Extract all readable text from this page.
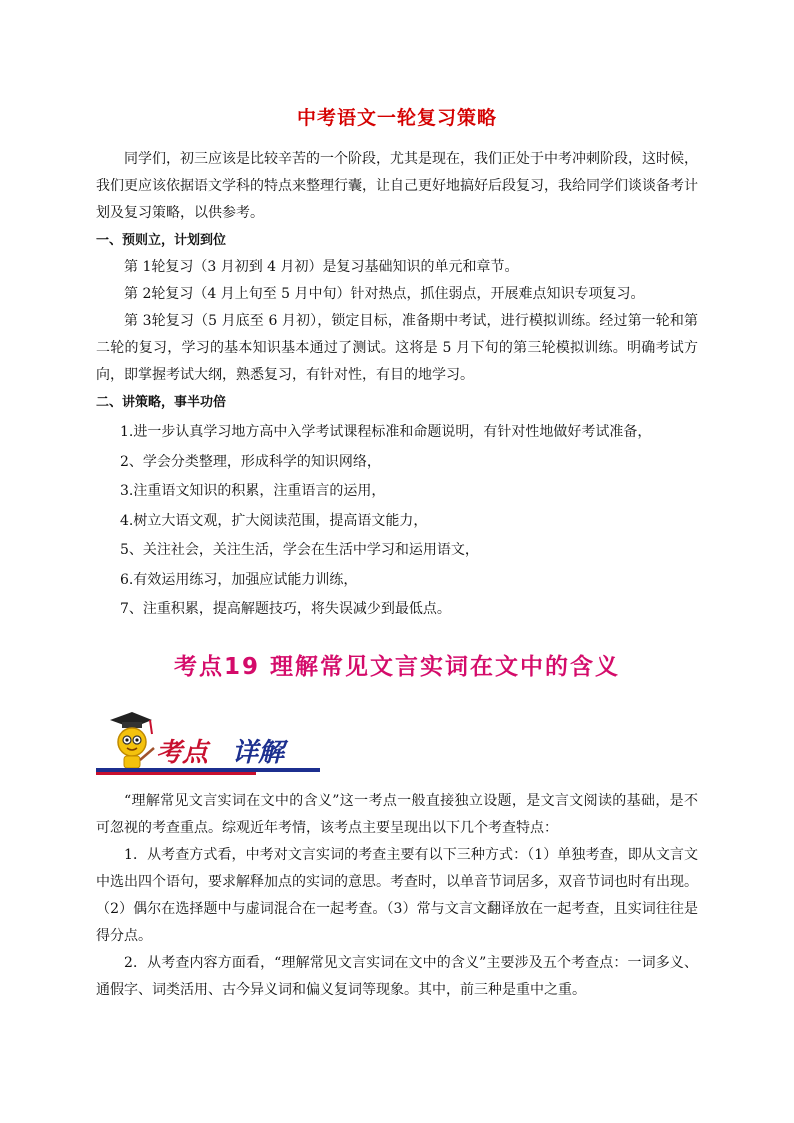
中考语文一轮复习策略

同学们，初三应该是比较辛苦的一个阶段，尤其是现在，我们正处于中考冲刺阶段，这时候，我们更应该依据语文学科的特点来整理行囊，让自己更好地搞好后段复习，我给同学们谈谈备考计划及复习策略，以供参考。

一、预则立，计划到位

第 1轮复习（3 月初到 4 月初）是复习基础知识的单元和章节。

第 2轮复习（4 月上旬至 5 月中旬）针对热点，抓住弱点，开展难点知识专项复习。

第 3轮复习（5 月底至 6 月初），锁定目标，准备期中考试，进行模拟训练。经过第一轮和第二轮的复习，学习的基本知识基本通过了测试。这将是 5 月下旬的第三轮模拟训练。明确考试方向，即掌握考试大纲，熟悉复习，有针对性，有目的地学习。

二、讲策略，事半功倍

1.进一步认真学习地方高中入学考试课程标准和命题说明，有针对性地做好考试准备，

2、学会分类整理，形成科学的知识网络，

3.注重语文知识的积累，注重语言的运用，

4.树立大语文观，扩大阅读范围，提高语文能力，

5、关注社会，关注生活，学会在生活中学习和运用语文，

6.有效运用练习，加强应试能力训练，

7、注重积累，提高解题技巧，将失误减少到最低点。

考点19 理解常见文言实词在文中的含义
考点 详解

“理解常见文言实词在文中的含义”这一考点一般直接独立设题，是文言文阅读的基础，是不可忽视的考查重点。综观近年考情，该考点主要呈现出以下几个考查特点：

1．从考查方式看，中考对文言实词的考查主要有以下三种方式：（1）单独考查，即从文言文中选出四个语句，要求解释加点的实词的意思。考查时，以单音节词居多，双音节词也时有出现。（2）偶尔在选择题中与虚词混合在一起考查。（3）常与文言文翻译放在一起考查，且实词往往是得分点。

2．从考查内容方面看，“理解常见文言实词在文中的含义”主要涉及五个考查点：一词多义、通假字、词类活用、古今异义词和偏义复词等现象。其中，前三种是重中之重。
